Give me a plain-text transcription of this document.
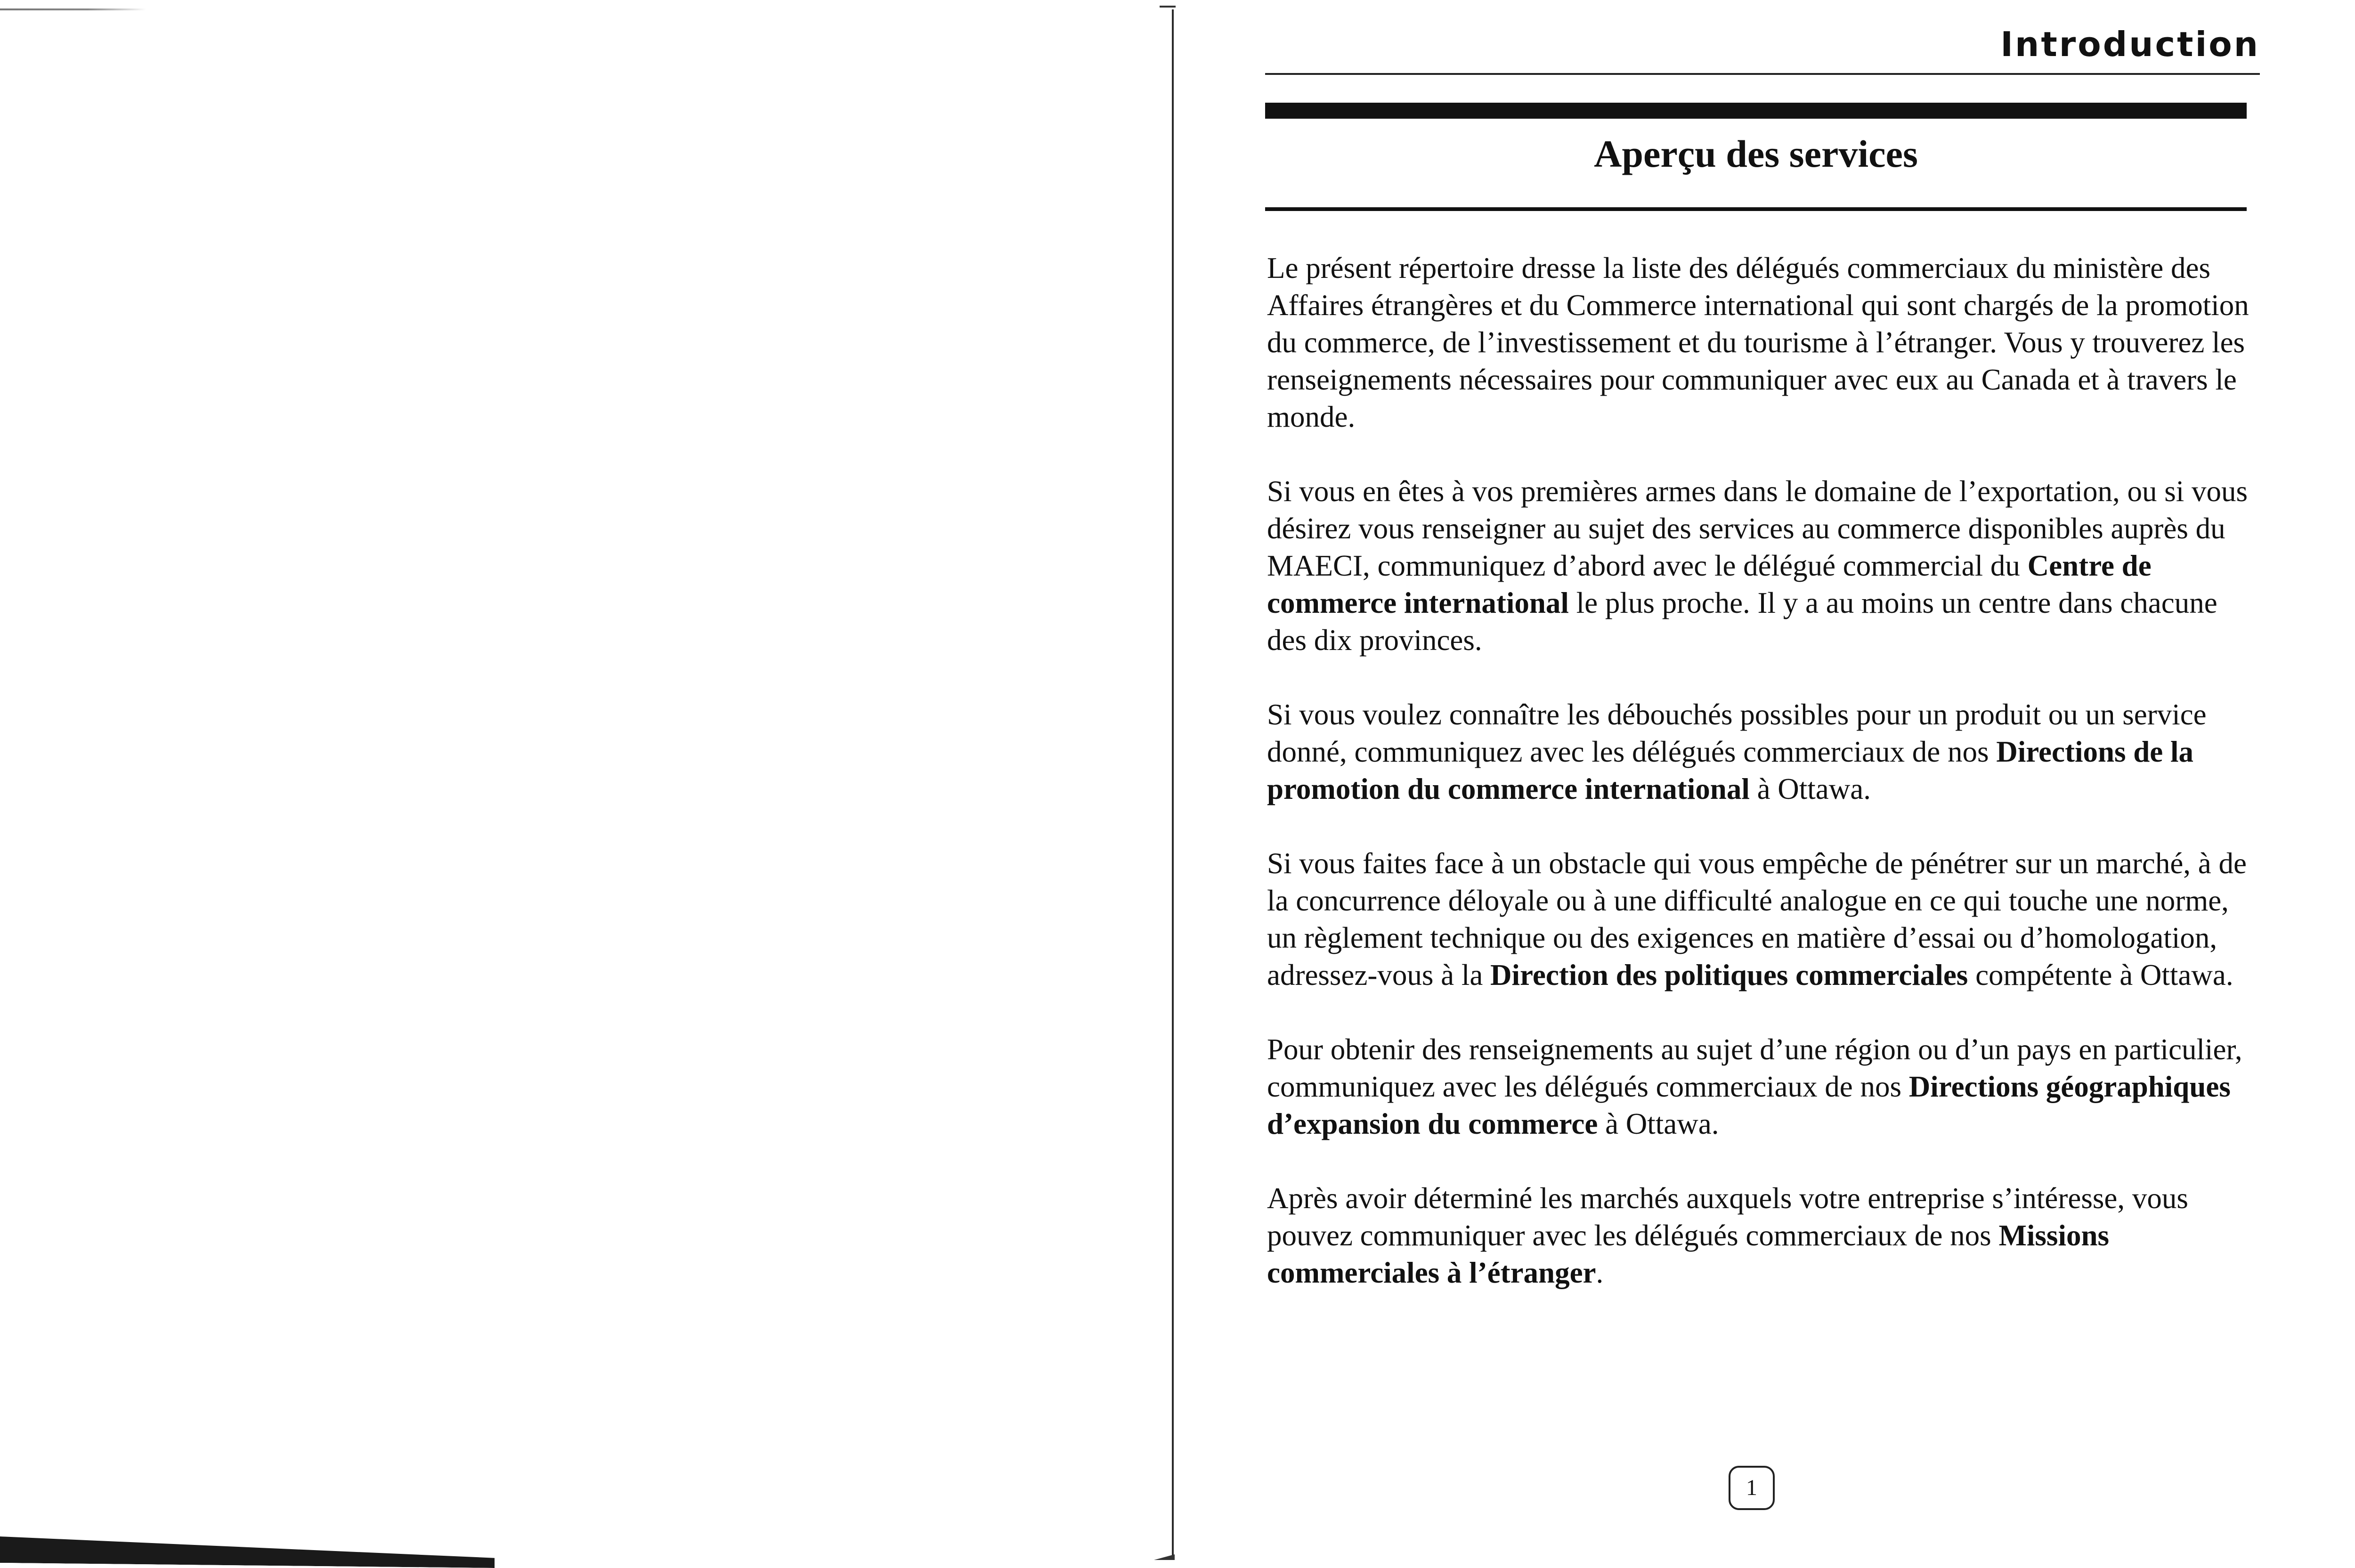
Introduction
Aperçu des services

Le présent répertoire dresse la liste des délégués commerciaux du ministère des Affaires étrangères et du Commerce international qui sont chargés de la promotion du commerce, de l’investissement et du tourisme à l’étranger. Vous y trouverez les renseignements nécessaires pour communiquer avec eux au Canada et à travers le monde.

Si vous en êtes à vos premières armes dans le domaine de l’exportation, ou si vous désirez vous renseigner au sujet des services au commerce disponibles auprès du MAECI, communiquez d’abord avec le délégué commercial du Centre de commerce international le plus proche. Il y a au moins un centre dans chacune des dix provinces.

Si vous voulez connaître les débouchés possibles pour un produit ou un service donné, communiquez avec les délégués commerciaux de nos Directions de la promotion du commerce international à Ottawa.

Si vous faites face à un obstacle qui vous empêche de pénétrer sur un marché, à de la concurrence déloyale ou à une difficulté analogue en ce qui touche une norme, un règlement technique ou des exigences en matière d’essai ou d’homologation, adressez-vous à la Direction des politiques commerciales compétente à Ottawa.

Pour obtenir des renseignements au sujet d’une région ou d’un pays en particulier, communiquez avec les délégués commerciaux de nos Directions géographiques d’expansion du commerce à Ottawa.

Après avoir déterminé les marchés auxquels votre entreprise s’intéresse, vous pouvez communiquer avec les délégués commerciaux de nos Missions commerciales à l’étranger.

1
